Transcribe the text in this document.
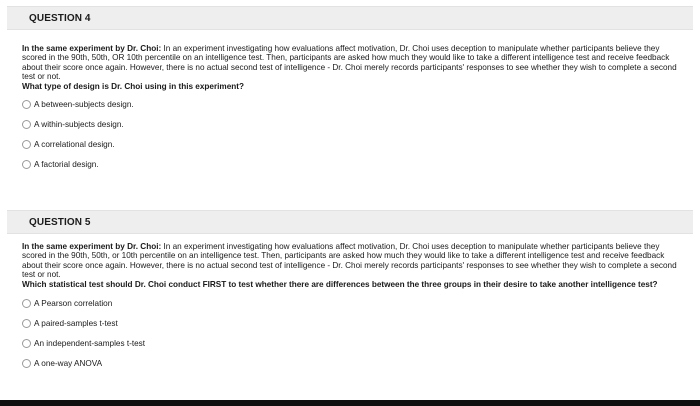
QUESTION 4
In the same experiment by Dr. Choi: In an experiment investigating how evaluations affect motivation, Dr. Choi uses deception to manipulate whether participants believe they scored in the 90th, 50th, OR 10th percentile on an intelligence test. Then, participants are asked how much they would like to take a different intelligence test and receive feedback about their score once again. However, there is no actual second test of intelligence - Dr. Choi merely records participants' responses to see whether they wish to complete a second test or not.
What type of design is Dr. Choi using in this experiment?
A between-subjects design.
A within-subjects design.
A correlational design.
A factorial design.
QUESTION 5
In the same experiment by Dr. Choi: In an experiment investigating how evaluations affect motivation, Dr. Choi uses deception to manipulate whether participants believe they scored in the 90th, 50th, or 10th percentile on an intelligence test. Then, participants are asked how much they would like to take a different intelligence test and receive feedback about their score once again. However, there is no actual second test of intelligence - Dr. Choi merely records participants' responses to see whether they wish to complete a second test or not.
Which statistical test should Dr. Choi conduct FIRST to test whether there are differences between the three groups in their desire to take another intelligence test?
A Pearson correlation
A paired-samples t-test
An independent-samples t-test
A one-way ANOVA
